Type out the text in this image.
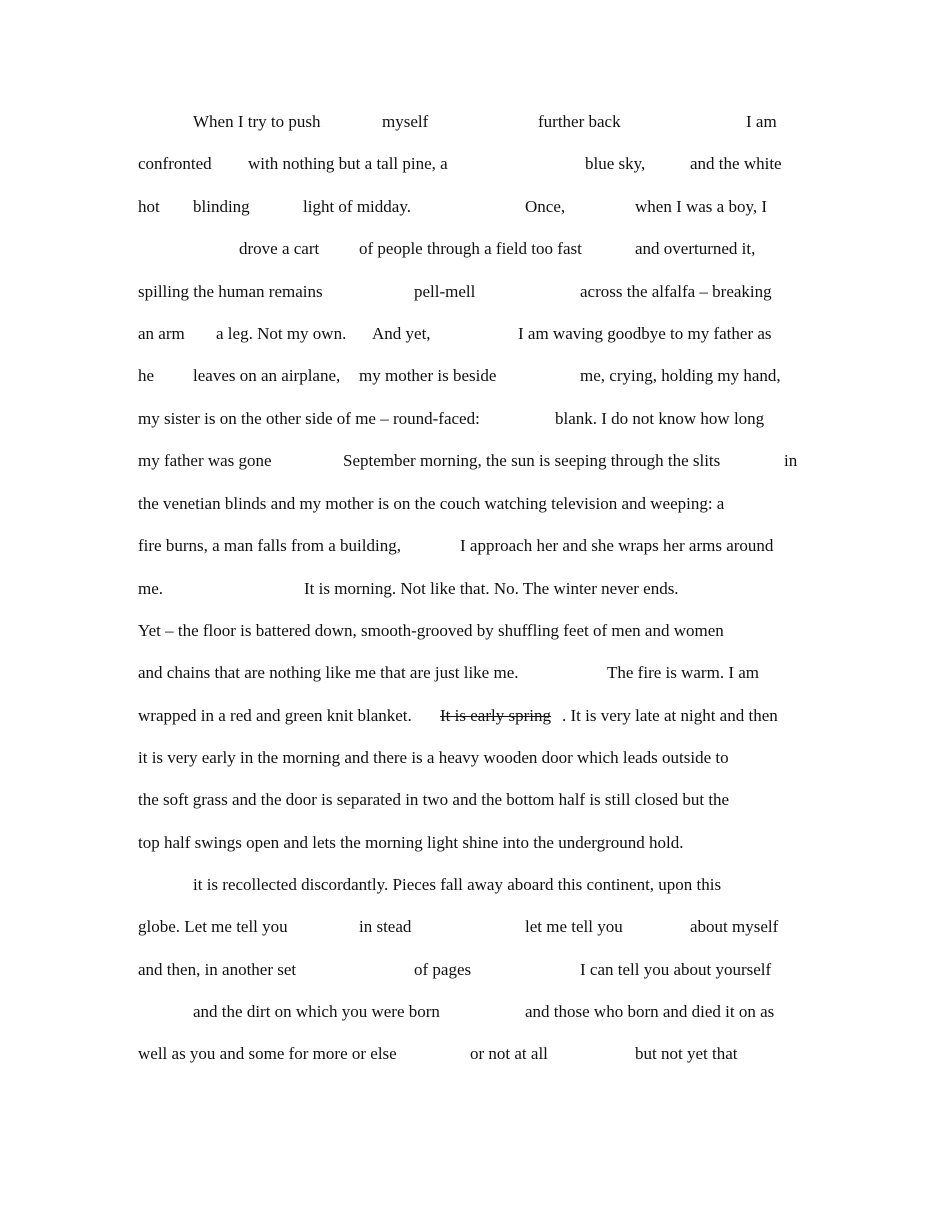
When I try to push	myself	further back	I am
confronted with nothing but a tall pine, a	blue sky,	and the white
hot blinding	light of midday.	Once,	when I was a boy, I
drove a cart of people through a field too fast	and overturned it,
spilling the human remains	pell-mell	across the alfalfa – breaking
an arm a leg. Not my own. And yet,	I am waving goodbye to my father as
he leaves on an airplane, my mother is beside	me, crying, holding my hand,
my sister is on the other side of me – round-faced:	blank. I do not know how long
my father was gone	September morning, the sun is seeping through the slits	in
the venetian blinds and my mother is on the couch watching television and weeping: a
fire burns, a man falls from a building,	I approach her and she wraps her arms around
me.	It is morning. Not like that. No. The winter never ends.
Yet – the floor is battered down, smooth-grooved by shuffling feet of men and women
and chains that are nothing like me that are just like me.	The fire is warm. I am
wrapped in a red and green knit blanket. It is early spring . It is very late at night and then
it is very early in the morning and there is a heavy wooden door which leads outside to
the soft grass and the door is separated in two and the bottom half is still closed but the
top half swings open and lets the morning light shine into the underground hold.
it is recollected discordantly. Pieces fall away aboard this continent, upon this
globe. Let me tell you	in stead	let me tell you	about myself
and then, in another set	of pages	I can tell you about yourself
and the dirt on which you were born	and those who born and died it on as
well as you and some for more or else	or not at all	but not yet that
